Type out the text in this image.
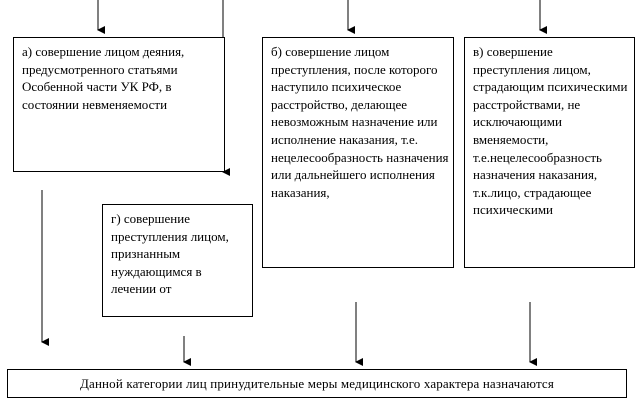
а) совершение лицом деяния, предусмотренного статьями Особенной части УК РФ, в состоянии невменяемости
б) совершение лицом преступления, после которого наступило психическое расстройство, делающее невозможным назначение или исполнение наказания, т.е. нецелесообразность назначения или дальнейшего исполнения наказания,
в) совершение преступления лицом, страдающим психическими расстройствами, не исключающими вменяемости, т.е.нецелесообразность назначения наказания, т.к.лицо, страдающее психическими
г) совершение преступления лицом, признанным нуждающимся в лечении от
Данной категории лиц принудительные меры медицинского характера назначаются
